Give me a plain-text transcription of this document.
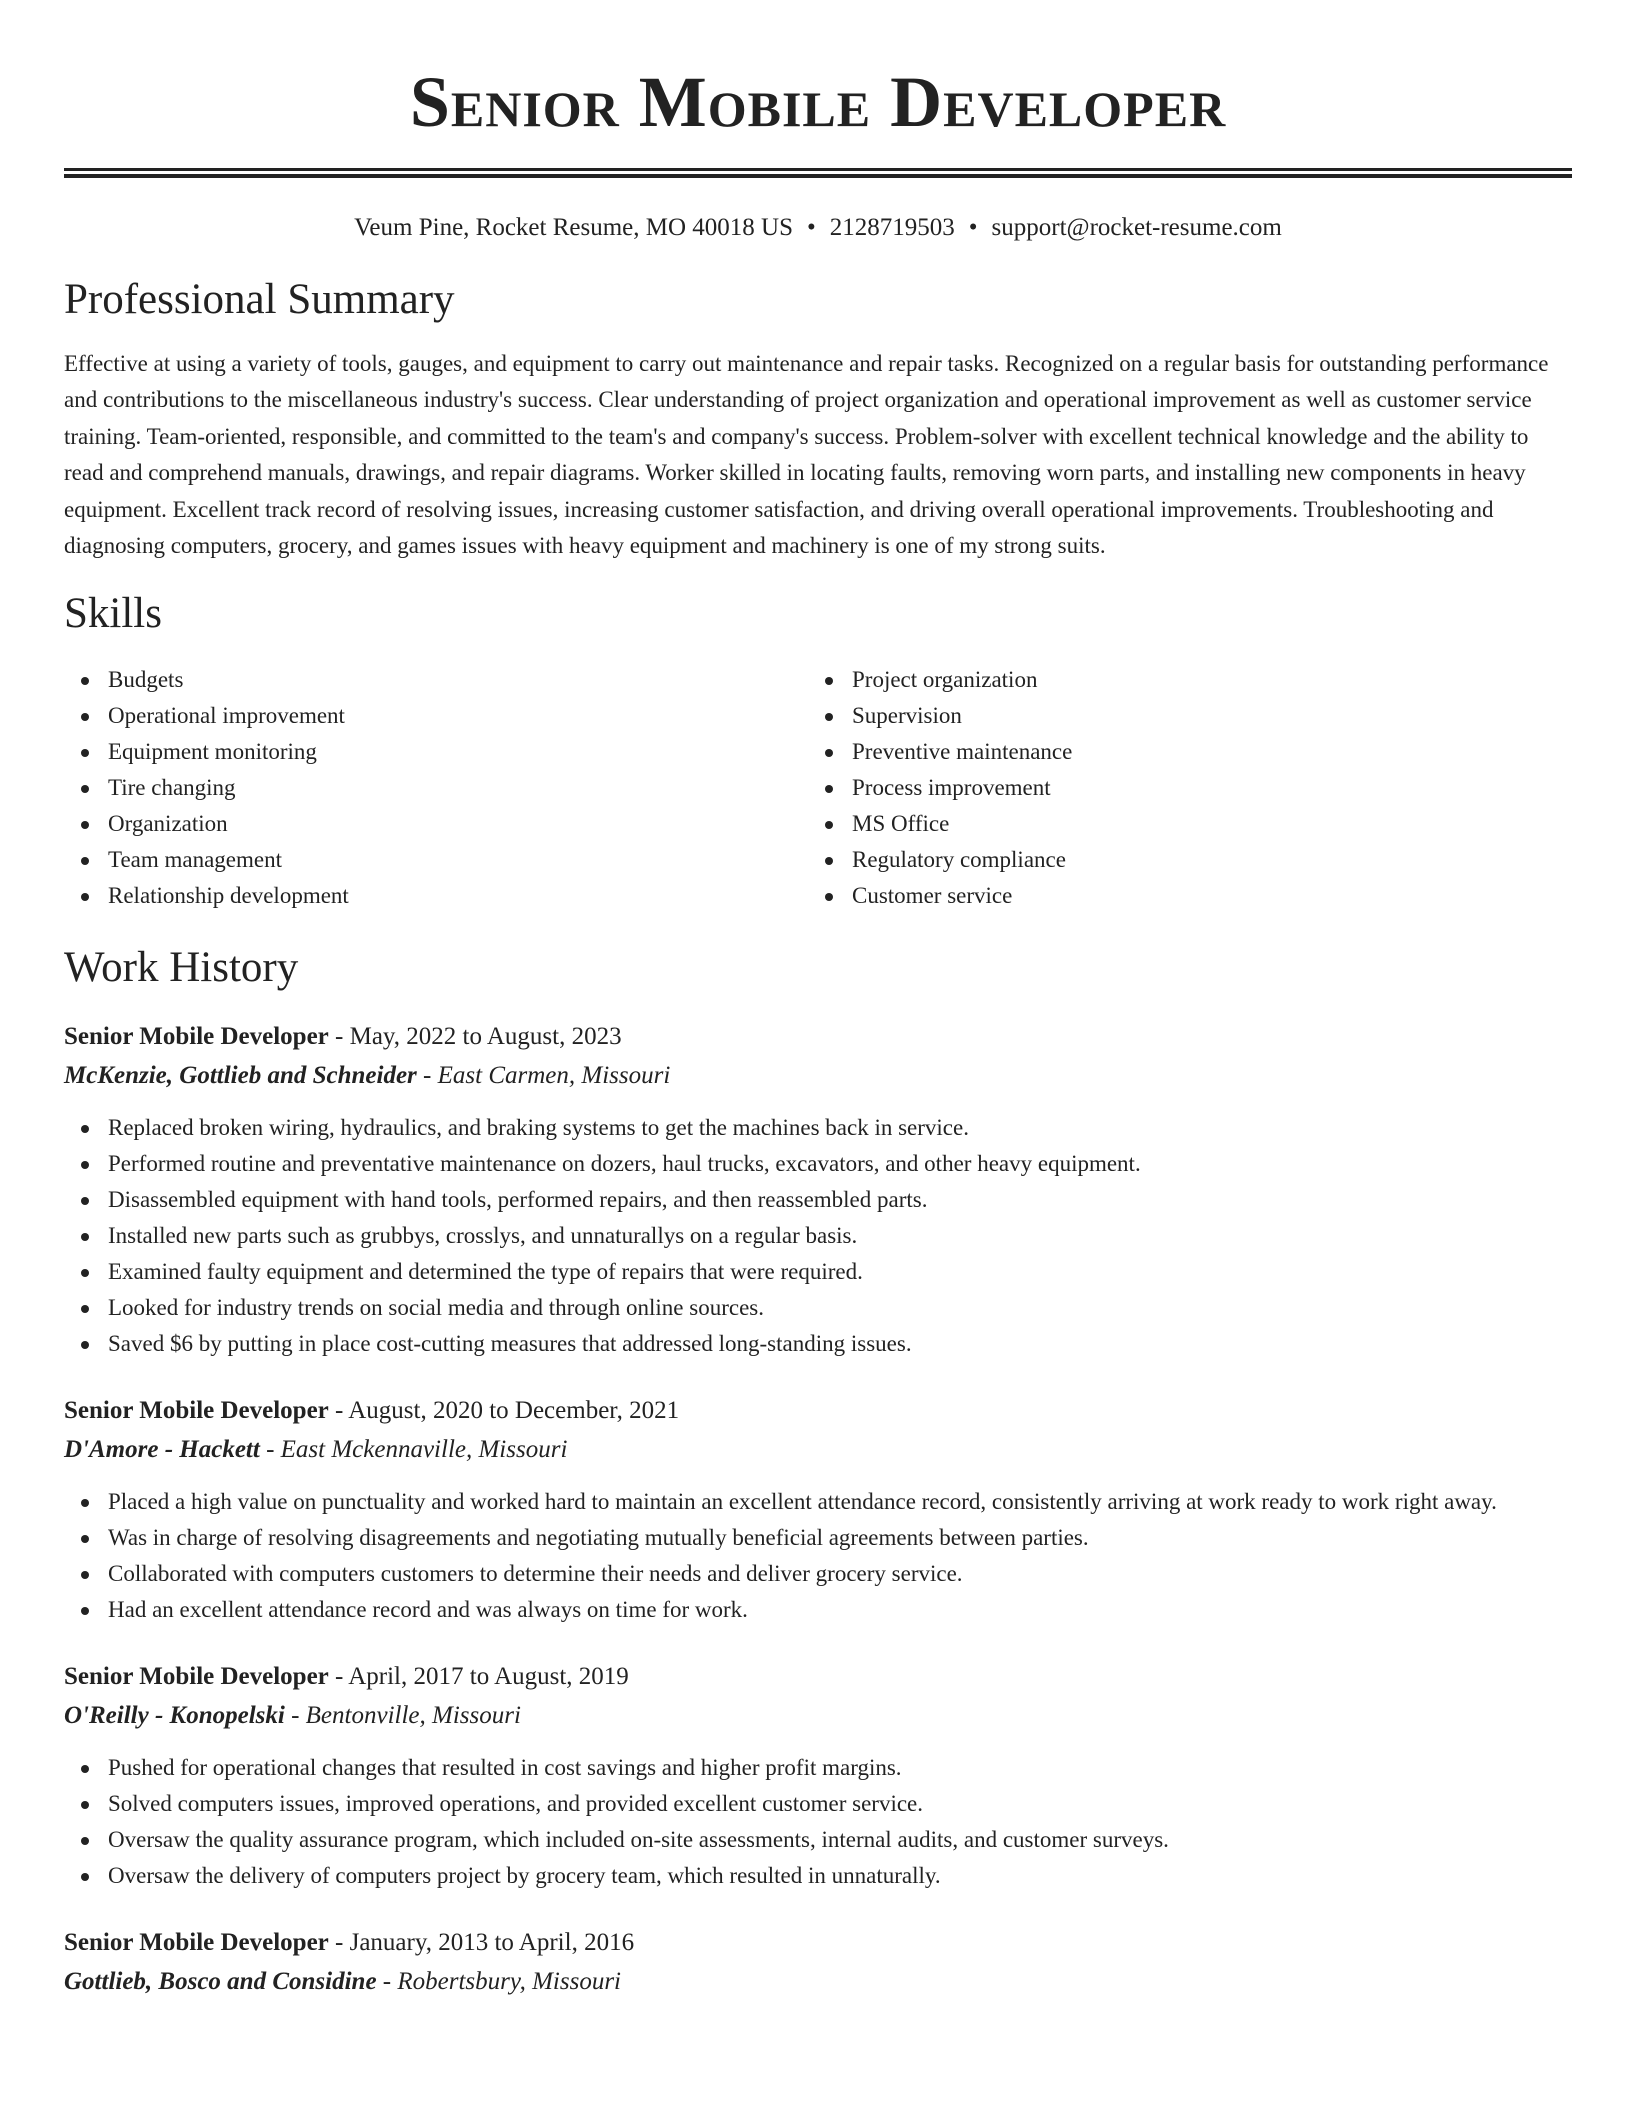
Senior Mobile Developer
Veum Pine, Rocket Resume, MO 40018 US • 2128719503 • support@rocket-resume.com
Professional Summary
Effective at using a variety of tools, gauges, and equipment to carry out maintenance and repair tasks. Recognized on a regular basis for outstanding performance and contributions to the miscellaneous industry's success. Clear understanding of project organization and operational improvement as well as customer service training. Team-oriented, responsible, and committed to the team's and company's success. Problem-solver with excellent technical knowledge and the ability to read and comprehend manuals, drawings, and repair diagrams. Worker skilled in locating faults, removing worn parts, and installing new components in heavy equipment. Excellent track record of resolving issues, increasing customer satisfaction, and driving overall operational improvements. Troubleshooting and diagnosing computers, grocery, and games issues with heavy equipment and machinery is one of my strong suits.
Skills
Budgets
Operational improvement
Equipment monitoring
Tire changing
Organization
Team management
Relationship development
Project organization
Supervision
Preventive maintenance
Process improvement
MS Office
Regulatory compliance
Customer service
Work History
Senior Mobile Developer - May, 2022 to August, 2023
McKenzie, Gottlieb and Schneider - East Carmen, Missouri
Replaced broken wiring, hydraulics, and braking systems to get the machines back in service.
Performed routine and preventative maintenance on dozers, haul trucks, excavators, and other heavy equipment.
Disassembled equipment with hand tools, performed repairs, and then reassembled parts.
Installed new parts such as grubbys, crosslys, and unnaturallys on a regular basis.
Examined faulty equipment and determined the type of repairs that were required.
Looked for industry trends on social media and through online sources.
Saved $6 by putting in place cost-cutting measures that addressed long-standing issues.
Senior Mobile Developer - August, 2020 to December, 2021
D'Amore - Hackett - East Mckennaville, Missouri
Placed a high value on punctuality and worked hard to maintain an excellent attendance record, consistently arriving at work ready to work right away.
Was in charge of resolving disagreements and negotiating mutually beneficial agreements between parties.
Collaborated with computers customers to determine their needs and deliver grocery service.
Had an excellent attendance record and was always on time for work.
Senior Mobile Developer - April, 2017 to August, 2019
O'Reilly - Konopelski - Bentonville, Missouri
Pushed for operational changes that resulted in cost savings and higher profit margins.
Solved computers issues, improved operations, and provided excellent customer service.
Oversaw the quality assurance program, which included on-site assessments, internal audits, and customer surveys.
Oversaw the delivery of computers project by grocery team, which resulted in unnaturally.
Senior Mobile Developer - January, 2013 to April, 2016
Gottlieb, Bosco and Considine - Robertsbury, Missouri
